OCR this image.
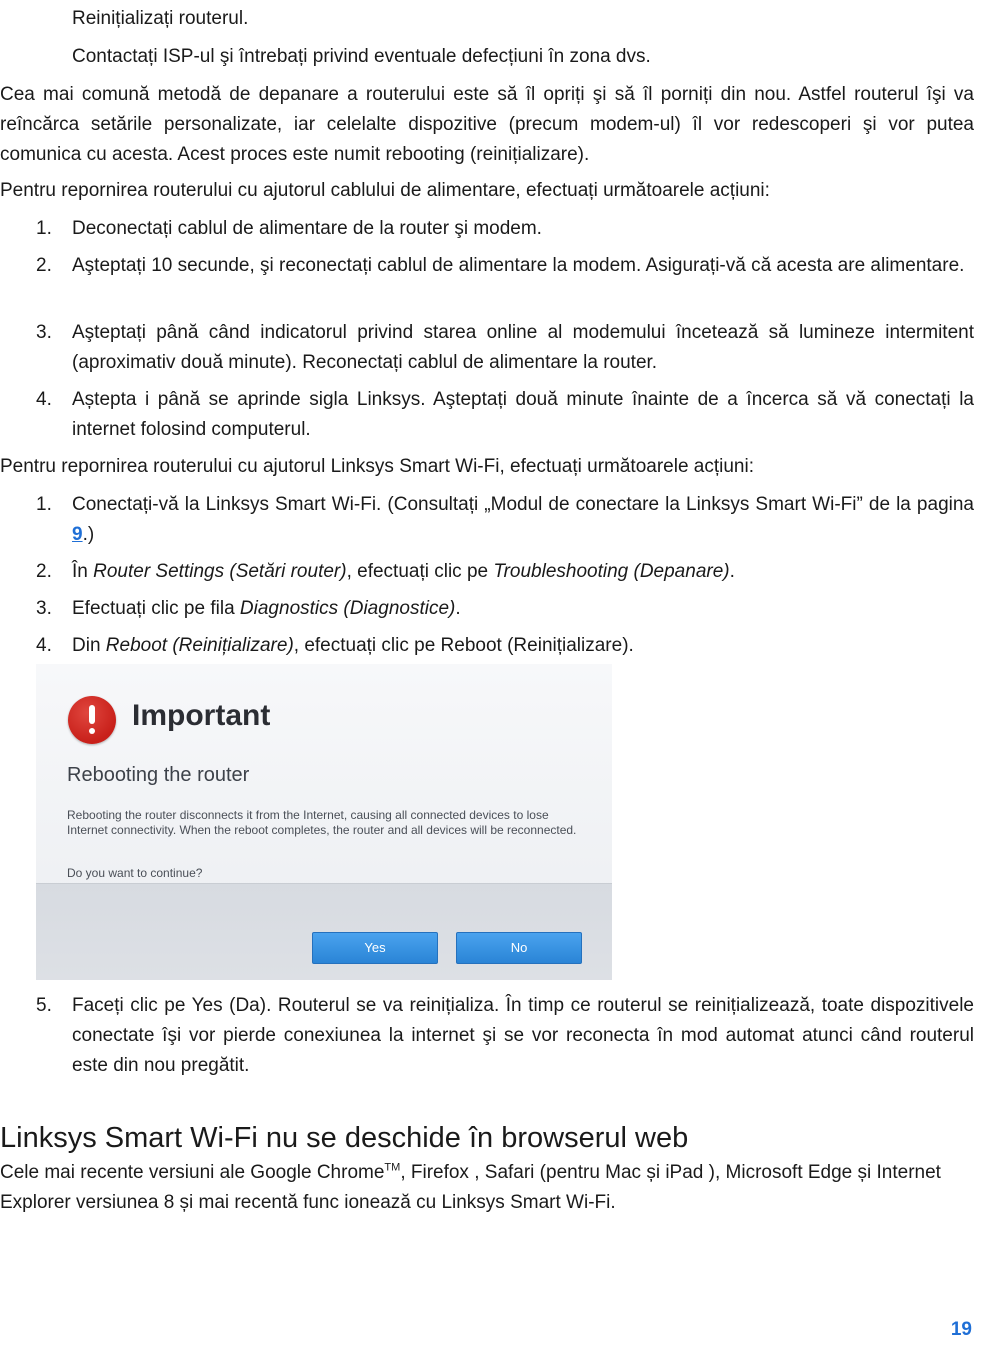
Reinițializați routerul.

Contactați ISP-ul şi întrebați privind eventuale defecțiuni în zona dvs.

Cea mai comună metodă de depanare a routerului este să îl opriți şi să îl porniți din nou. Astfel routerul îşi va reîncărca setările personalizate, iar celelalte dispozitive (precum modem-ul) îl vor redescoperi şi vor putea comunica cu acesta. Acest proces este numit rebooting (reinițializare).

Pentru repornirea routerului cu ajutorul cablului de alimentare, efectuați următoarele acțiuni:

1.	Deconectați cablul de alimentare de la router şi modem.

2.	Aşteptați 10 secunde, şi reconectați cablul de alimentare la modem. Asigurați-vă că acesta are alimentare.

3.	Aşteptați până când indicatorul privind starea online al modemului încetează să lumineze intermitent (aproximativ două minute). Reconectați cablul de alimentare la router.

4.	Aștepta i până se aprinde sigla Linksys. Aşteptați două minute înainte de a încerca să vă conectați la internet folosind computerul.

Pentru repornirea routerului cu ajutorul Linksys Smart Wi-Fi, efectuați următoarele acțiuni:

1.	Conectați-vă la Linksys Smart Wi-Fi. (Consultați „Modul de conectare la Linksys Smart Wi-Fi” de la pagina 9.)

2.	În Router Settings (Setări router), efectuați clic pe Troubleshooting (Depanare).

3.	Efectuați clic pe fila Diagnostics (Diagnostice).

4.	Din Reboot (Reinițializare), efectuați clic pe Reboot (Reinițializare).

Important
Rebooting the router
Rebooting the router disconnects it from the Internet, causing all connected devices to lose Internet connectivity. When the reboot completes, the router and all devices will be reconnected.
Do you want to continue?
Yes	No
5.	Faceți clic pe Yes (Da). Routerul se va reinițializa. În timp ce routerul se reinițializează, toate dispozitivele conectate îşi vor pierde conexiunea la internet şi se vor reconecta în mod automat atunci când routerul este din nou pregătit.

Linksys Smart Wi-Fi nu se deschide în browserul web

Cele mai recente versiuni ale Google Chrome™, Firefox , Safari (pentru Mac și iPad ), Microsoft Edge și Internet Explorer versiunea 8 și mai recentă func ionează cu Linksys Smart Wi-Fi.

19
